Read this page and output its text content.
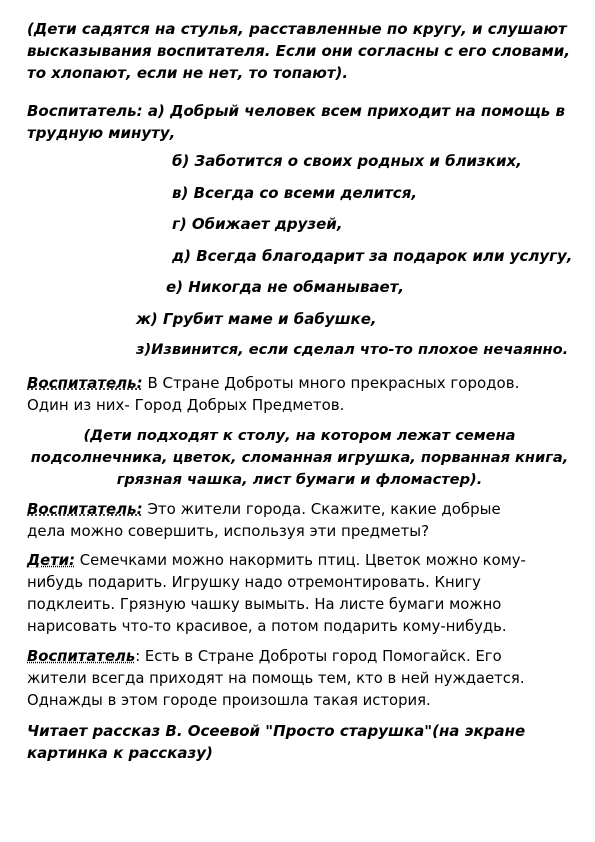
(Дети садятся на стулья, расставленные по кругу, и слушают
высказывания воспитателя. Если они согласны с его словами,
то хлопают, если не нет, то топают).
Воспитатель: а) Добрый человек всем приходит на помощь в
трудную минуту,
б) Заботится о своих родных и близких,
в) Всегда со всеми делится,
г) Обижает друзей,
д) Всегда благодарит за подарок или услугу,
е) Никогда не обманывает,
ж) Грубит маме и бабушке,
з)Извинится, если сделал что-то плохое нечаянно.
Воспитатель: В Стране Доброты много прекрасных городов.
Один из них- Город Добрых Предметов.
(Дети подходят к столу, на котором лежат семена
подсолнечника, цветок, сломанная игрушка, порванная книга,
грязная чашка, лист бумаги и фломастер).
Воспитатель: Это жители города. Скажите, какие добрые
дела можно совершить, используя эти предметы?
Дети: Семечками можно накормить птиц. Цветок можно кому-
нибудь подарить. Игрушку надо отремонтировать. Книгу
подклеить. Грязную чашку вымыть. На листе бумаги можно
нарисовать что-то красивое, а потом подарить кому-нибудь.
Воспитатель: Есть в Стране Доброты город Помогайск. Его
жители всегда приходят на помощь тем, кто в ней нуждается.
Однажды в этом городе произошла такая история.
Читает рассказ В. Осеевой "Просто старушка"(на экране
картинка к рассказу)
